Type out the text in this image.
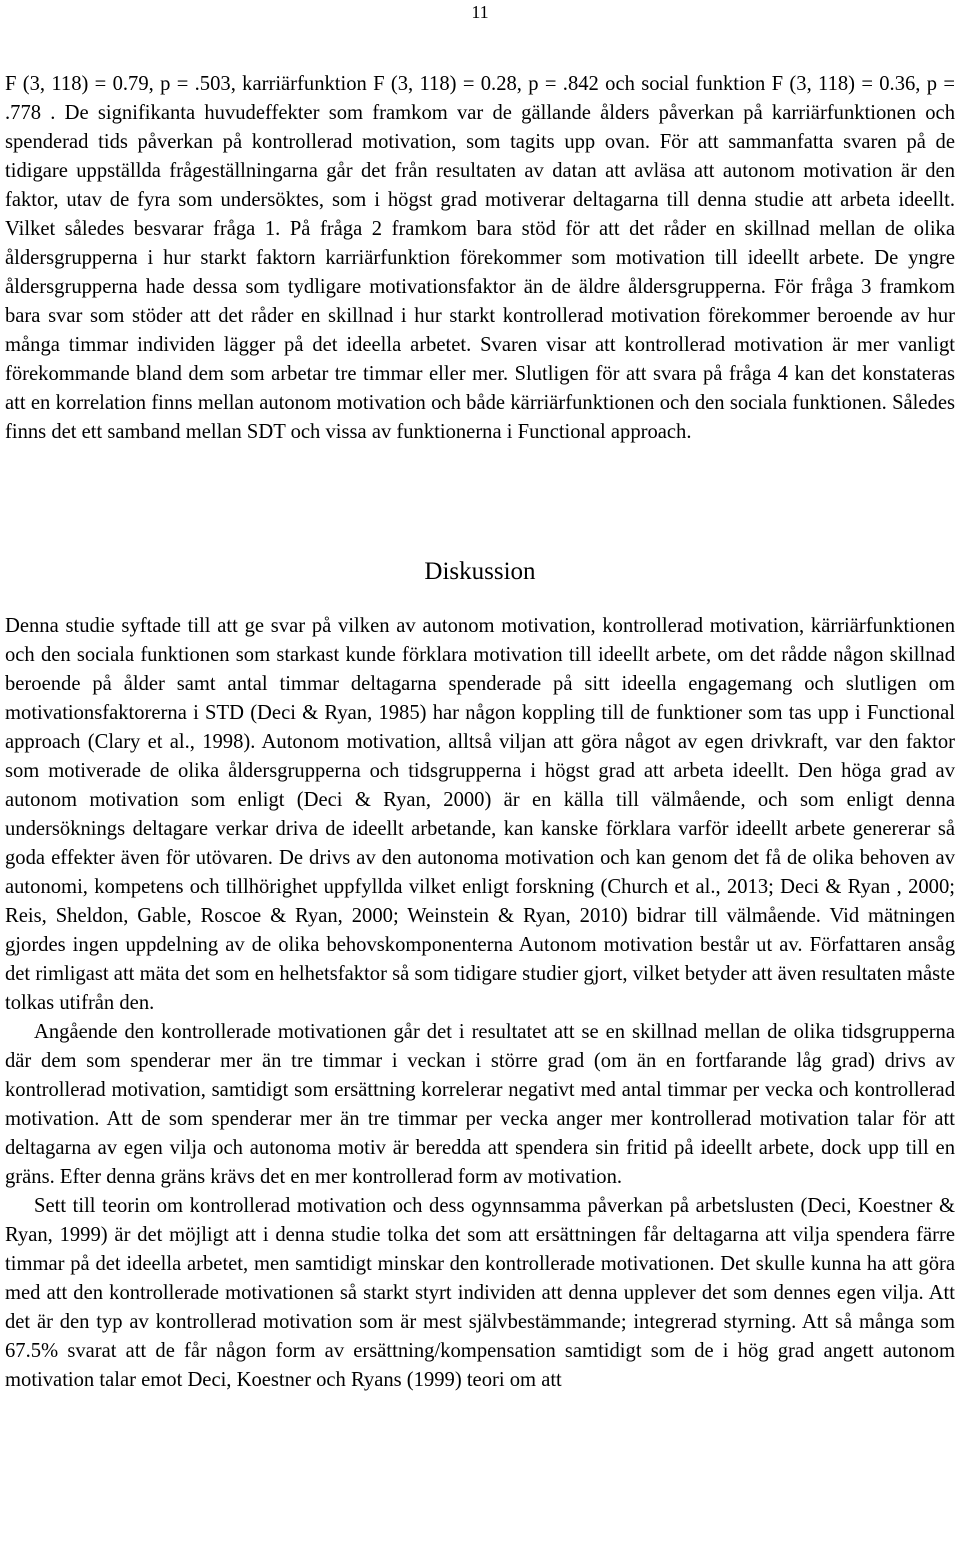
11

F (3, 118) = 0.79, p = .503, karriärfunktion F (3, 118) = 0.28, p = .842 och social funktion F (3, 118) = 0.36, p = .778 . De signifikanta huvudeffekter som framkom var de gällande ålders påverkan på karriärfunktionen och spenderad tids påverkan på kontrollerad motivation, som tagits upp ovan. För att sammanfatta svaren på de tidigare uppställda frågeställningarna går det från resultaten av datan att avläsa att autonom motivation är den faktor, utav de fyra som undersöktes, som i högst grad motiverar deltagarna till denna studie att arbeta ideellt. Vilket således besvarar fråga 1. På fråga 2 framkom bara stöd för att det råder en skillnad mellan de olika åldersgrupperna i hur starkt faktorn karriärfunktion förekommer som motivation till ideellt arbete. De yngre åldersgrupperna hade dessa som tydligare motivationsfaktor än de äldre åldersgrupperna. För fråga 3 framkom bara svar som stöder att det råder en skillnad i hur starkt kontrollerad motivation förekommer beroende av hur många timmar individen lägger på det ideella arbetet. Svaren visar att kontrollerad motivation är mer vanligt förekommande bland dem som arbetar tre timmar eller mer. Slutligen för att svara på fråga 4 kan det konstateras att en korrelation finns mellan autonom motivation och både kärriärfunktionen och den sociala funktionen. Således finns det ett samband mellan SDT och vissa av funktionerna i Functional approach.

Diskussion

Denna studie syftade till att ge svar på vilken av autonom motivation, kontrollerad motivation, kärriärfunktionen och den sociala funktionen som starkast kunde förklara motivation till ideellt arbete, om det rådde någon skillnad beroende på ålder samt antal timmar deltagarna spenderade på sitt ideella engagemang och slutligen om motivationsfaktorerna i STD (Deci & Ryan, 1985) har någon koppling till de funktioner som tas upp i Functional approach (Clary et al., 1998). Autonom motivation, alltså viljan att göra något av egen drivkraft, var den faktor som motiverade de olika åldersgrupperna och tidsgrupperna i högst grad att arbeta ideellt. Den höga grad av autonom motivation som enligt (Deci & Ryan, 2000) är en källa till välmående, och som enligt denna undersöknings deltagare verkar driva de ideellt arbetande, kan kanske förklara varför ideellt arbete genererar så goda effekter även för utövaren. De drivs av den autonoma motivation och kan genom det få de olika behoven av autonomi, kompetens och tillhörighet uppfyllda vilket enligt forskning (Church et al., 2013; Deci & Ryan , 2000; Reis, Sheldon, Gable, Roscoe & Ryan, 2000; Weinstein & Ryan, 2010) bidrar till välmående. Vid mätningen gjordes ingen uppdelning av de olika behovskomponenterna Autonom motivation består ut av. Författaren ansåg det rimligast att mäta det som en helhetsfaktor så som tidigare studier gjort, vilket betyder att även resultaten måste tolkas utifrån den.

Angående den kontrollerade motivationen går det i resultatet att se en skillnad mellan de olika tidsgrupperna där dem som spenderar mer än tre timmar i veckan i större grad (om än en fortfarande låg grad) drivs av kontrollerad motivation, samtidigt som ersättning korrelerar negativt med antal timmar per vecka och kontrollerad motivation. Att de som spenderar mer än tre timmar per vecka anger mer kontrollerad motivation talar för att deltagarna av egen vilja och autonoma motiv är beredda att spendera sin fritid på ideellt arbete, dock upp till en gräns. Efter denna gräns krävs det en mer kontrollerad form av motivation.

Sett till teorin om kontrollerad motivation och dess ogynnsamma påverkan på arbetslusten (Deci, Koestner & Ryan, 1999) är det möjligt att i denna studie tolka det som att ersättningen får deltagarna att vilja spendera färre timmar på det ideella arbetet, men samtidigt minskar den kontrollerade motivationen. Det skulle kunna ha att göra med att den kontrollerade motivationen så starkt styrt individen att denna upplever det som dennes egen vilja. Att det är den typ av kontrollerad motivation som är mest självbestämmande; integrerad styrning. Att så många som 67.5% svarat att de får någon form av ersättning/kompensation samtidigt som de i hög grad angett autonom motivation talar emot Deci, Koestner och Ryans (1999) teori om att
